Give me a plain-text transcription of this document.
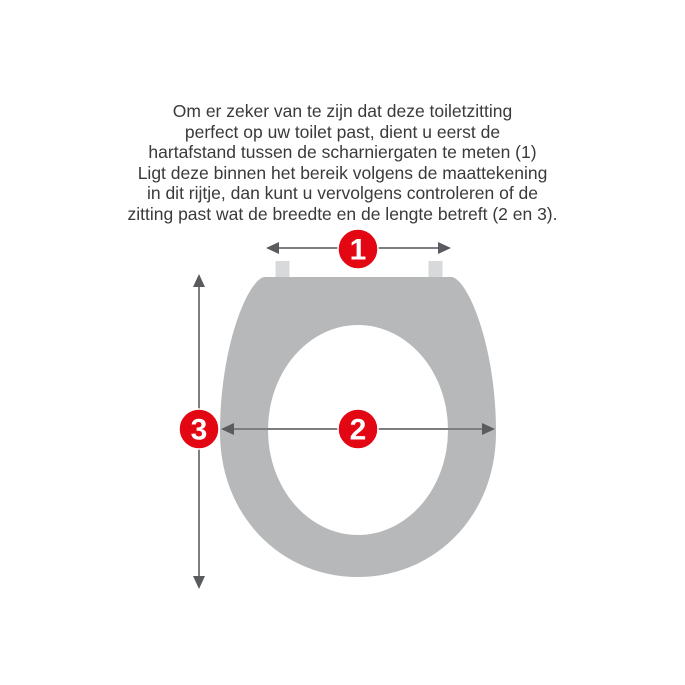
Om er zeker van te zijn dat deze toiletzitting
perfect op uw toilet past, dient u eerst de
hartafstand tussen de scharniergaten te meten (1)
Ligt deze binnen het bereik volgens de maattekening
in dit rijtje, dan kunt u vervolgens controleren of de
zitting past wat de breedte en de lengte betreft (2 en 3).
1
2
3
